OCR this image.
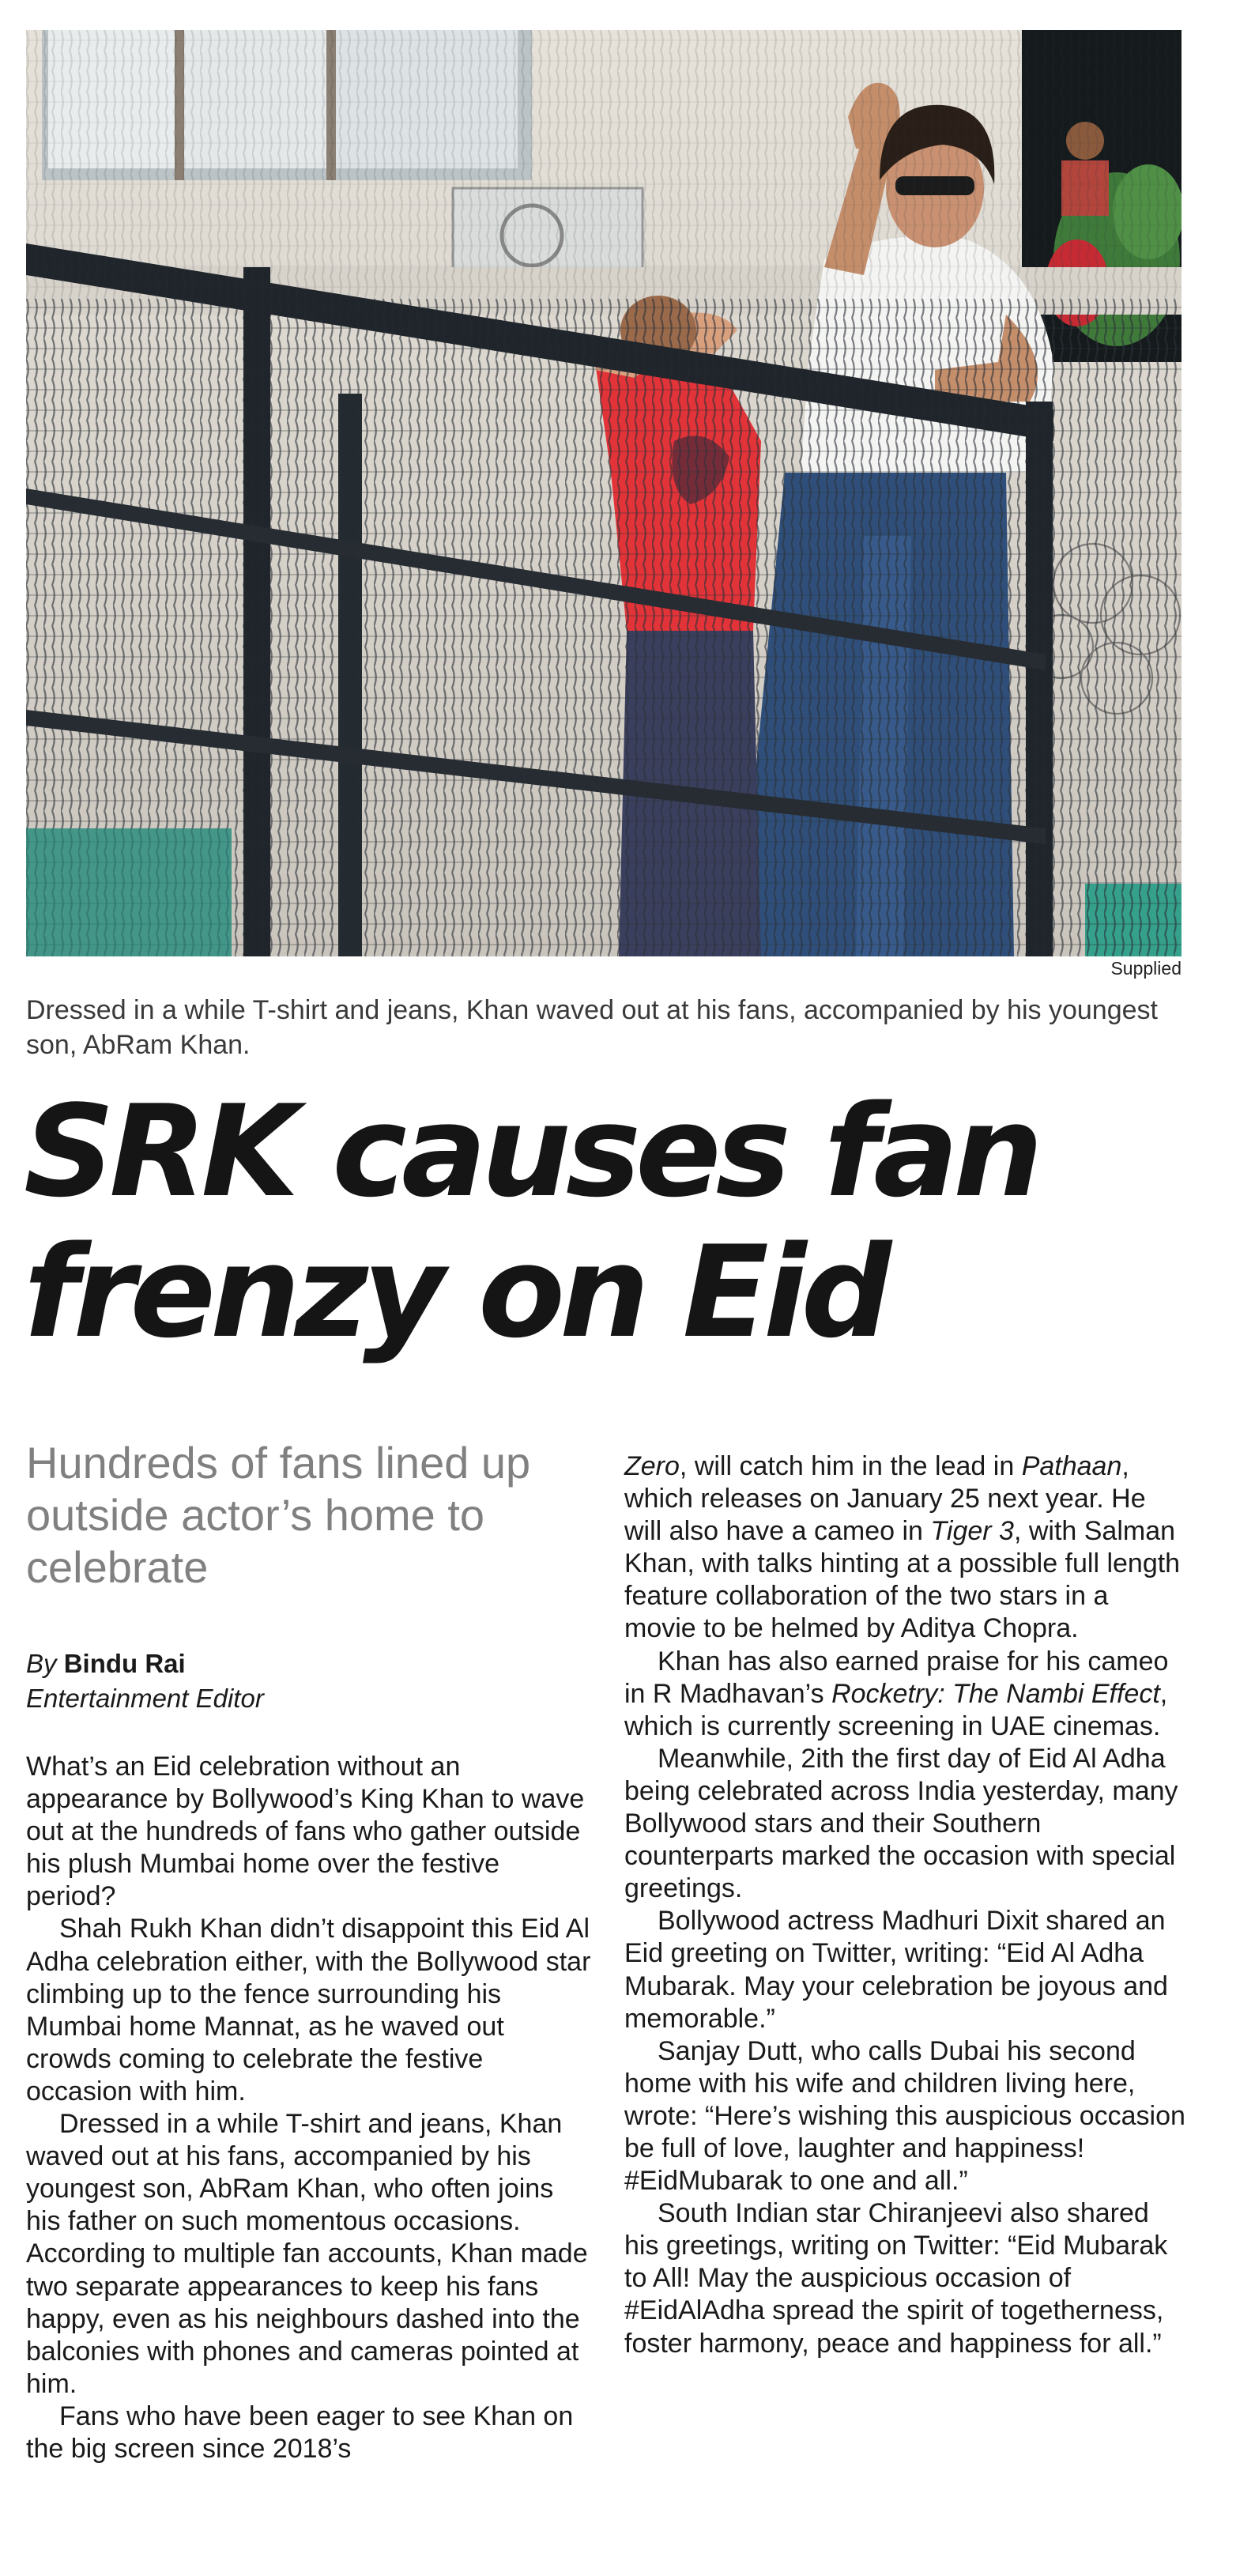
Supplied
Dressed in a while T-shirt and jeans, Khan waved out at his fans, accompanied by his youngest son, AbRam Khan.
SRK causes fan
frenzy on Eid
Hundreds of fans lined up outside actor’s home to celebrate
By Bindu Rai
Entertainment Editor

What’s an Eid celebration without an appearance by Bollywood’s King Khan to wave out at the hundreds of fans who gather outside his plush Mumbai home over the festive period?

Shah Rukh Khan didn’t disappoint this Eid Al Adha celebration either, with the Bollywood star climbing up to the fence surrounding his Mumbai home Mannat, as he waved out crowds coming to celebrate the festive occasion with him.

Dressed in a while T-shirt and jeans, Khan waved out at his fans, accompanied by his youngest son, AbRam Khan, who often joins his father on such momentous occasions. According to multiple fan accounts, Khan made two separate appearances to keep his fans happy, even as his neighbours dashed into the balconies with phones and cameras pointed at him.

Fans who have been eager to see Khan on the big screen since 2018’s

Zero, will catch him in the lead in Pathaan, which releases on January 25 next year. He will also have a cameo in Tiger 3, with Salman Khan, with talks hinting at a possible full length feature collaboration of the two stars in a movie to be helmed by Aditya Chopra.

Khan has also earned praise for his cameo in R Madhavan’s Rocketry: The Nambi Effect, which is currently screening in UAE cinemas.

Meanwhile, 2ith the first day of Eid Al Adha being celebrated across India yesterday, many Bollywood stars and their Southern counterparts marked the occasion with special greetings.

Bollywood actress Madhuri Dixit shared an Eid greeting on Twitter, writing: “Eid Al Adha Mubarak. May your celebration be joyous and memorable.”

Sanjay Dutt, who calls Dubai his second home with his wife and children living here, wrote: “Here’s wishing this auspicious occasion be full of love, laughter and happiness! #EidMubarak to one and all.”

South Indian star Chiranjeevi also shared his greetings, writing on Twitter: “Eid Mubarak to All! May the auspicious occasion of #EidAlAdha spread the spirit of togetherness, foster harmony, peace and happiness for all.”
